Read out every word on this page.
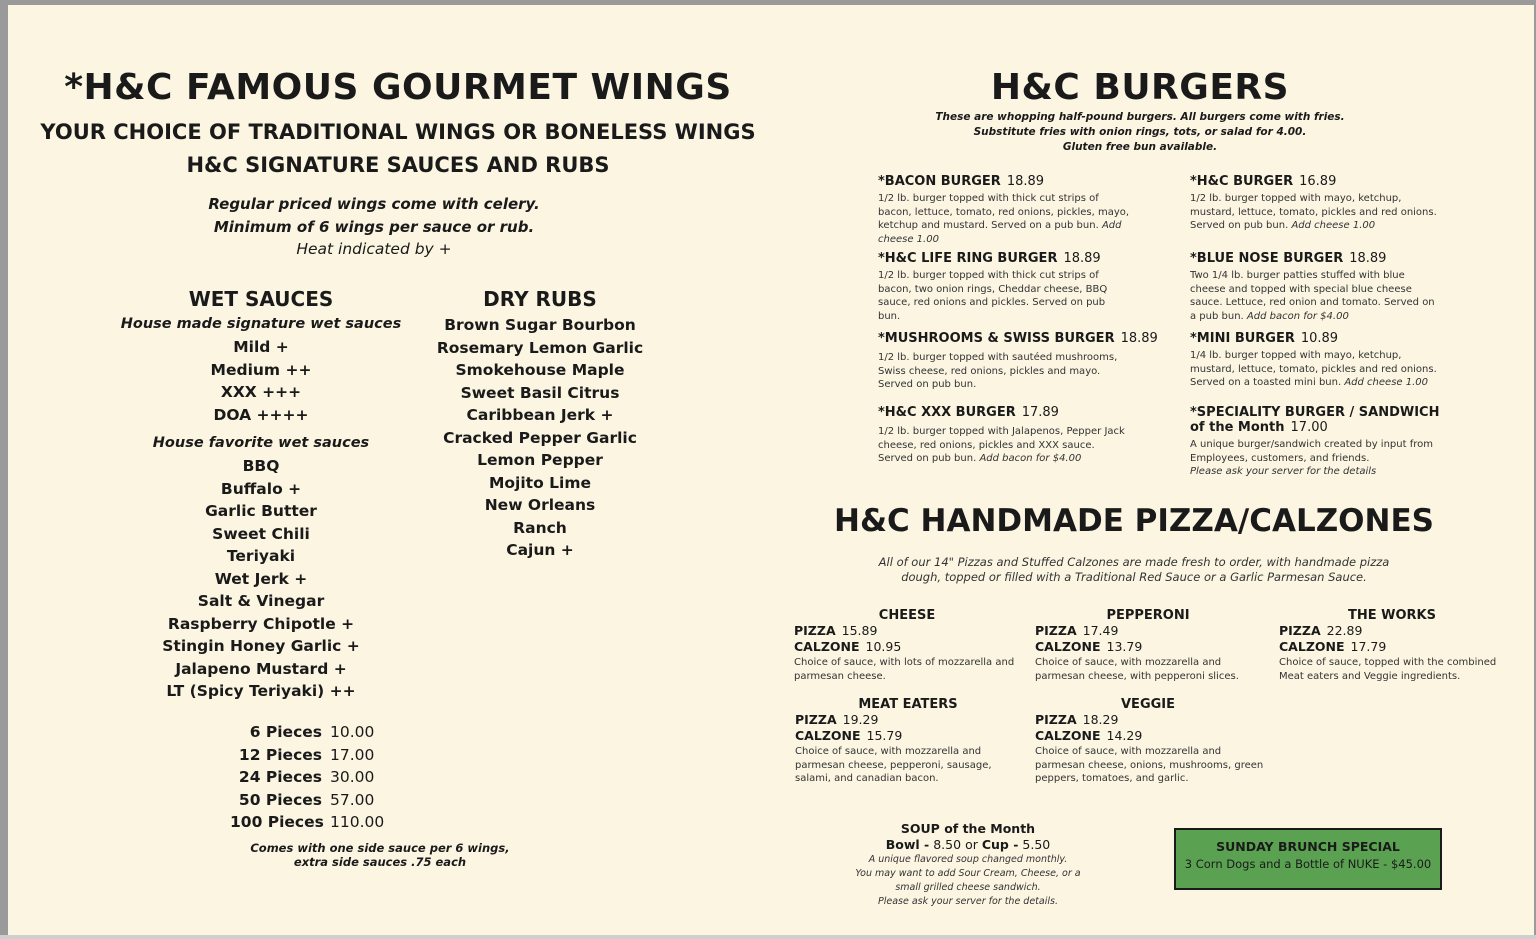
*H&C FAMOUS GOURMET WINGS
YOUR CHOICE OF TRADITIONAL WINGS OR BONELESS WINGS
H&C SIGNATURE SAUCES AND RUBS
Regular priced wings come with celery.
Minimum of 6 wings per sauce or rub.
Heat indicated by +
WET SAUCES
House made signature wet sauces
Mild +
Medium ++
XXX +++
DOA ++++
House favorite wet sauces
BBQ
Buffalo +
Garlic Butter
Sweet Chili
Teriyaki
Wet Jerk +
Salt & Vinegar
Raspberry Chipotle +
Stingin Honey Garlic +
Jalapeno Mustard +
LT (Spicy Teriyaki) ++
DRY RUBS
Brown Sugar Bourbon
Rosemary Lemon Garlic
Smokehouse Maple
Sweet Basil Citrus
Caribbean Jerk +
Cracked Pepper Garlic
Lemon Pepper
Mojito Lime
New Orleans
Ranch
Cajun +
6 Pieces 10.00
12 Pieces 17.00
24 Pieces 30.00
50 Pieces 57.00
100 Pieces 110.00
Comes with one side sauce per 6 wings,
extra side sauces .75 each
H&C BURGERS
These are whopping half-pound burgers. All burgers come with fries.
Substitute fries with onion rings, tots, or salad for 4.00.
Gluten free bun available.
*BACON BURGER 18.89
1/2 lb. burger topped with thick cut strips of bacon, lettuce, tomato, red onions, pickles, mayo, ketchup and mustard. Served on a pub bun. Add cheese 1.00
*H&C BURGER 16.89
1/2 lb. burger topped with mayo, ketchup, mustard, lettuce, tomato, pickles and red onions. Served on pub bun. Add cheese 1.00
*H&C LIFE RING BURGER 18.89
1/2 lb. burger topped with thick cut strips of bacon, two onion rings, Cheddar cheese, BBQ sauce, red onions and pickles. Served on pub bun.
*BLUE NOSE BURGER 18.89
Two 1/4 lb. burger patties stuffed with blue cheese and topped with special blue cheese sauce. Lettuce, red onion and tomato. Served on a pub bun. Add bacon for $4.00
*MUSHROOMS & SWISS BURGER 18.89
1/2 lb. burger topped with sautéed mushrooms, Swiss cheese, red onions, pickles and mayo. Served on pub bun.
*MINI BURGER 10.89
1/4 lb. burger topped with mayo, ketchup, mustard, lettuce, tomato, pickles and red onions. Served on a toasted mini bun. Add cheese 1.00
*H&C XXX BURGER 17.89
1/2 lb. burger topped with Jalapenos, Pepper Jack cheese, red onions, pickles and XXX sauce. Served on pub bun. Add bacon for $4.00
*SPECIALITY BURGER / SANDWICH of the Month 17.00
A unique burger/sandwich created by input from Employees, customers, and friends.
Please ask your server for the details
H&C HANDMADE PIZZA/CALZONES
All of our 14" Pizzas and Stuffed Calzones are made fresh to order, with handmade pizza
dough, topped or filled with a Traditional Red Sauce or a Garlic Parmesan Sauce.
CHEESE
PIZZA 15.89
CALZONE 10.95
Choice of sauce, with lots of mozzarella and parmesan cheese.
PEPPERONI
PIZZA 17.49
CALZONE 13.79
Choice of sauce, with mozzarella and parmesan cheese, with pepperoni slices.
THE WORKS
PIZZA 22.89
CALZONE 17.79
Choice of sauce, topped with the combined Meat eaters and Veggie ingredients.
MEAT EATERS
PIZZA 19.29
CALZONE 15.79
Choice of sauce, with mozzarella and parmesan cheese, pepperoni, sausage, salami, and canadian bacon.
VEGGIE
PIZZA 18.29
CALZONE 14.29
Choice of sauce, with mozzarella and parmesan cheese, onions, mushrooms, green peppers, tomatoes, and garlic.
SOUP of the Month
Bowl - 8.50 or Cup - 5.50
A unique flavored soup changed monthly.
You may want to add Sour Cream, Cheese, or a
small grilled cheese sandwich.
Please ask your server for the details.
SUNDAY BRUNCH SPECIAL
3 Corn Dogs and a Bottle of NUKE - $45.00
